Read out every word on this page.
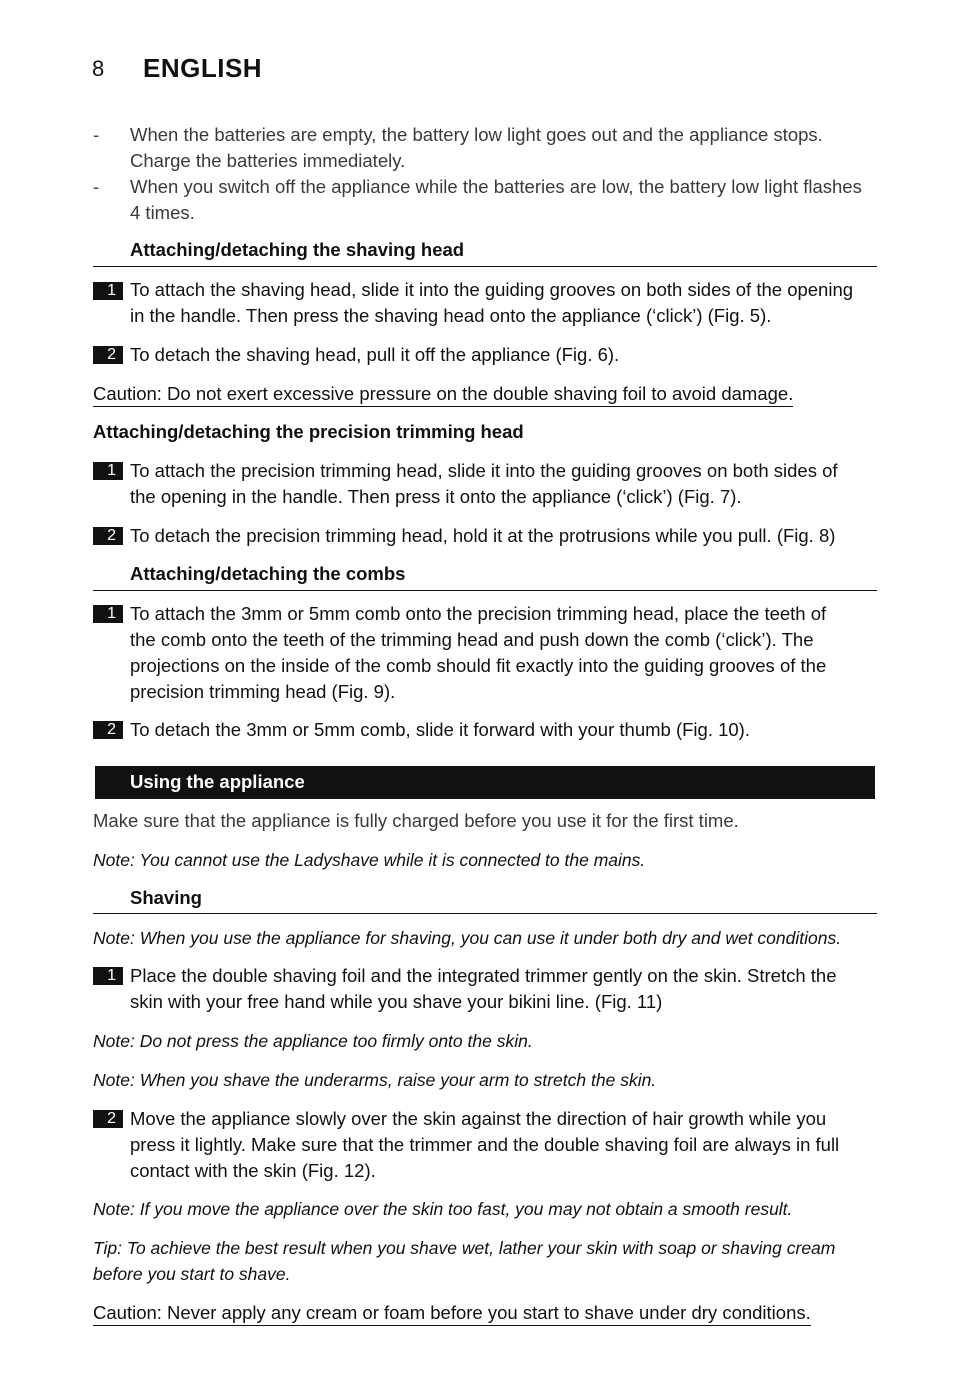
8 ENGLISH
- When the batteries are empty, the battery low light goes out and the appliance stops.
Charge the batteries immediately.
- When you switch off the appliance while the batteries are low, the battery low light flashes
4 times.
Attaching/detaching the shaving head
1 To attach the shaving head, slide it into the guiding grooves on both sides of the opening
in the handle. Then press the shaving head onto the appliance (‘click’) (Fig. 5).
2 To detach the shaving head, pull it off the appliance (Fig. 6).
Caution: Do not exert excessive pressure on the double shaving foil to avoid damage.
Attaching/detaching the precision trimming head
1 To attach the precision trimming head, slide it into the guiding grooves on both sides of
the opening in the handle. Then press it onto the appliance (‘click’) (Fig. 7).
2 To detach the precision trimming head, hold it at the protrusions while you pull. (Fig. 8)
Attaching/detaching the combs
1 To attach the 3mm or 5mm comb onto the precision trimming head, place the teeth of
the comb onto the teeth of the trimming head and push down the comb (‘click’). The
projections on the inside of the comb should fit exactly into the guiding grooves of the
precision trimming head (Fig. 9).
2 To detach the 3mm or 5mm comb, slide it forward with your thumb (Fig. 10).
Using the appliance
Make sure that the appliance is fully charged before you use it for the first time.
Note: You cannot use the Ladyshave while it is connected to the mains.
Shaving
Note: When you use the appliance for shaving, you can use it under both dry and wet conditions.
1 Place the double shaving foil and the integrated trimmer gently on the skin. Stretch the
skin with your free hand while you shave your bikini line. (Fig. 11)
Note: Do not press the appliance too firmly onto the skin.
Note: When you shave the underarms, raise your arm to stretch the skin.
2 Move the appliance slowly over the skin against the direction of hair growth while you
press it lightly. Make sure that the trimmer and the double shaving foil are always in full
contact with the skin (Fig. 12).
Note: If you move the appliance over the skin too fast, you may not obtain a smooth result.
Tip: To achieve the best result when you shave wet, lather your skin with soap or shaving cream
before you start to shave.
Caution: Never apply any cream or foam before you start to shave under dry conditions.
